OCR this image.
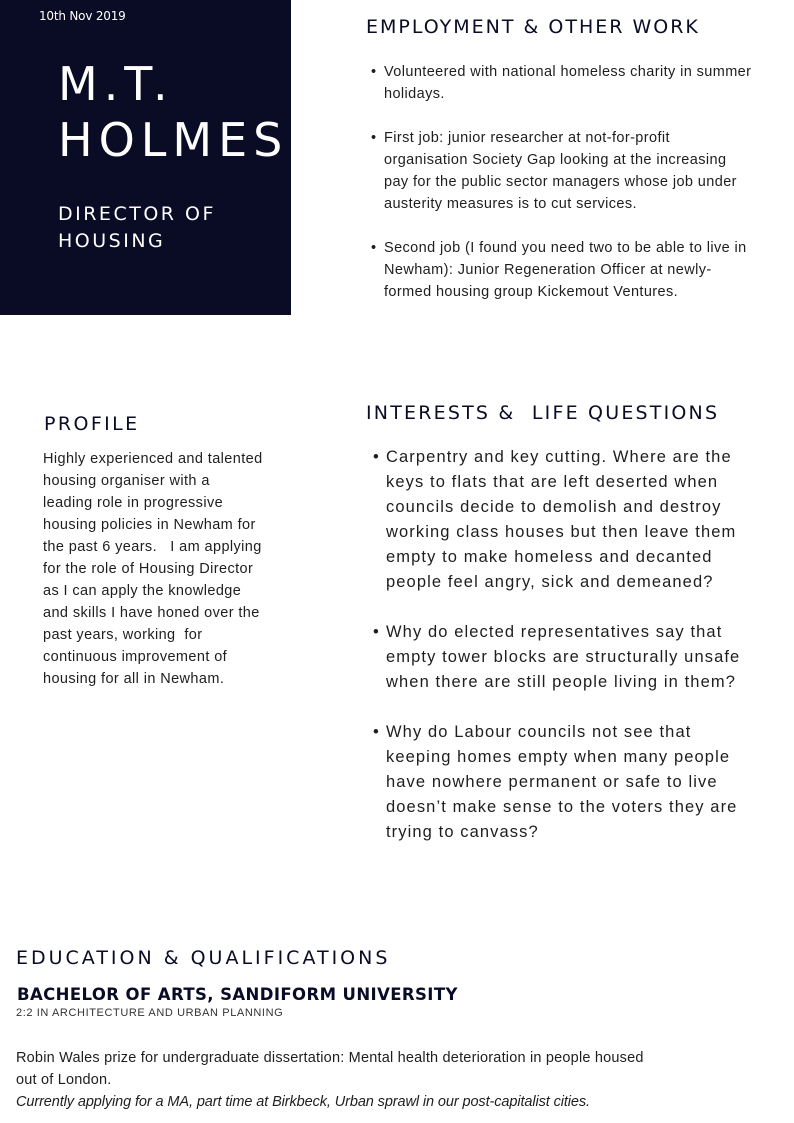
10th Nov 2019
M.T. HOLMES
DIRECTOR OF HOUSING
EMPLOYMENT & OTHER WORK
• Volunteered with national homeless charity in summer holidays.
• First job: junior researcher at not-for-profit organisation Society Gap looking at the increasing pay for the public sector managers whose job under austerity measures is to cut services.
• Second job (I found you need two to be able to live in Newham): Junior Regeneration Officer at newly-formed housing group Kickemout Ventures.
PROFILE
Highly experienced and talented housing organiser with a leading role in progressive housing policies in Newham for the past 6 years.   I am applying for the role of Housing Director as I can apply the knowledge and skills I have honed over the past years, working  for continuous improvement of housing for all in Newham.
INTERESTS &  LIFE QUESTIONS
• Carpentry and key cutting. Where are the keys to flats that are left deserted when councils decide to demolish and destroy working class houses but then leave them empty to make homeless and decanted people feel angry, sick and demeaned?
• Why do elected representatives say that empty tower blocks are structurally unsafe when there are still people living in them?
• Why do Labour councils not see that keeping homes empty when many people have nowhere permanent or safe to live doesn’t make sense to the voters they are trying to canvass?
EDUCATION & QUALIFICATIONS
BACHELOR OF ARTS, SANDIFORM UNIVERSITY
2:2 IN ARCHITECTURE AND URBAN PLANNING
Robin Wales prize for undergraduate dissertation: Mental health deterioration in people housed out of London.
Currently applying for a MA, part time at Birkbeck, Urban sprawl in our post-capitalist cities.
